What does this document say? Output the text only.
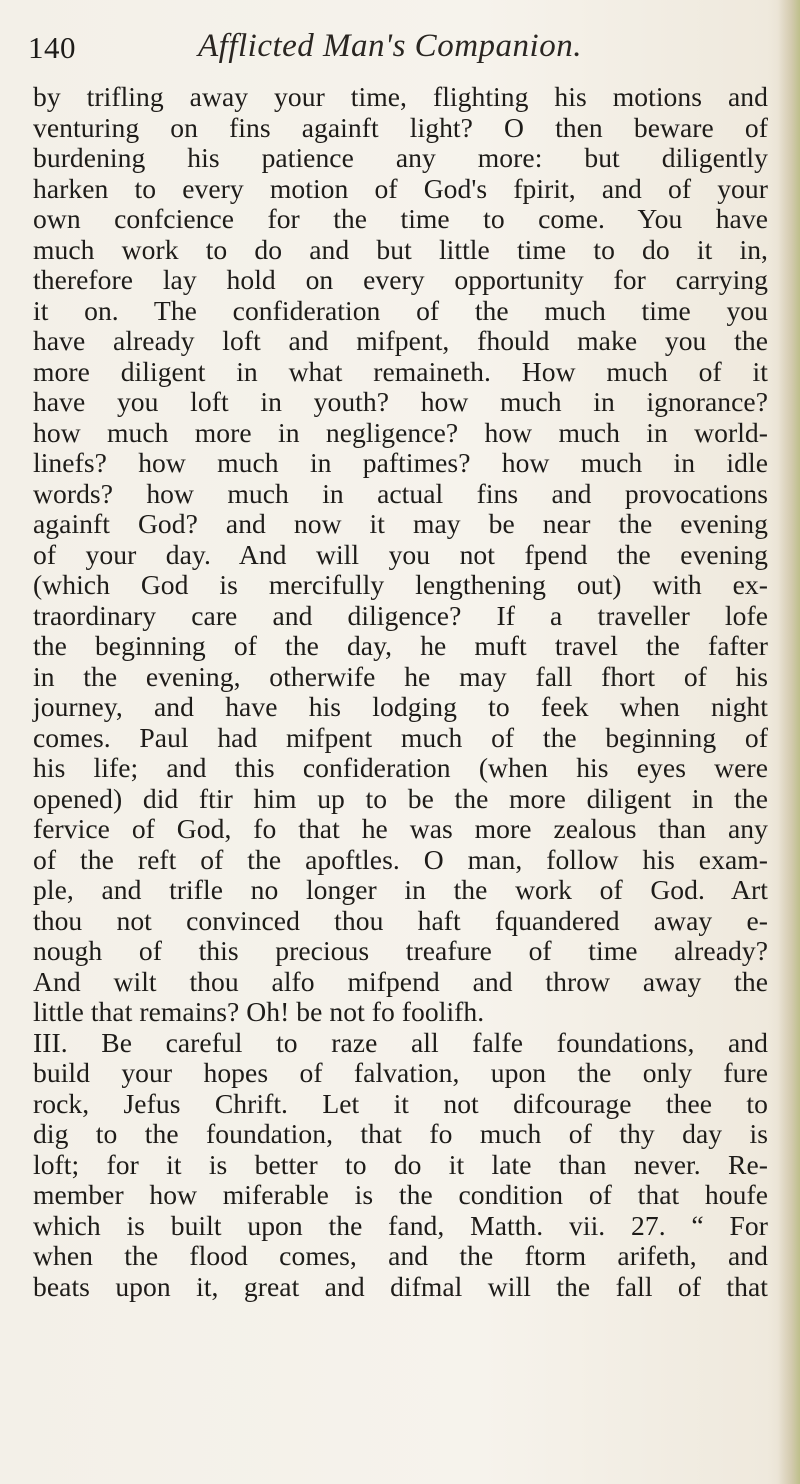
140	Afflicted Man's Companion.
by trifling away your time, flighting his motions and
venturing on fins againft light? O then beware of
burdening his patience any more: but diligently
harken to every motion of God's fpirit, and of your
own confcience for the time to come. You have
much work to do and but little time to do it in,
therefore lay hold on every opportunity for carrying
it on. The confideration of the much time you
have already loft and mifpent, fhould make you the
more diligent in what remaineth. How much of it
have you loft in youth? how much in ignorance?
how much more in negligence? how much in world-
linefs? how much in paftimes? how much in idle
words? how much in actual fins and provocations
againft God? and now it may be near the evening
of your day. And will you not fpend the evening
(which God is mercifully lengthening out) with ex-
traordinary care and diligence? If a traveller lofe
the beginning of the day, he muft travel the fafter
in the evening, otherwife he may fall fhort of his
journey, and have his lodging to feek when night
comes. Paul had mifpent much of the beginning of
his life; and this confideration (when his eyes were
opened) did ftir him up to be the more diligent in the
fervice of God, fo that he was more zealous than any
of the reft of the apoftles. O man, follow his exam-
ple, and trifle no longer in the work of God. Art
thou not convinced thou haft fquandered away e-
nough of this precious treafure of time already?
And wilt thou alfo mifpend and throw away the
little that remains? Oh! be not fo foolifh.
III. Be careful to raze all falfe foundations, and
build your hopes of falvation, upon the only fure
rock, Jefus Chrift. Let it not difcourage thee to
dig to the foundation, that fo much of thy day is
loft; for it is better to do it late than never. Re-
member how miferable is the condition of that houfe
which is built upon the fand, Matth. vii. 27. “ For
when the flood comes, and the ftorm arifeth, and
beats upon it, great and difmal will the fall of that
